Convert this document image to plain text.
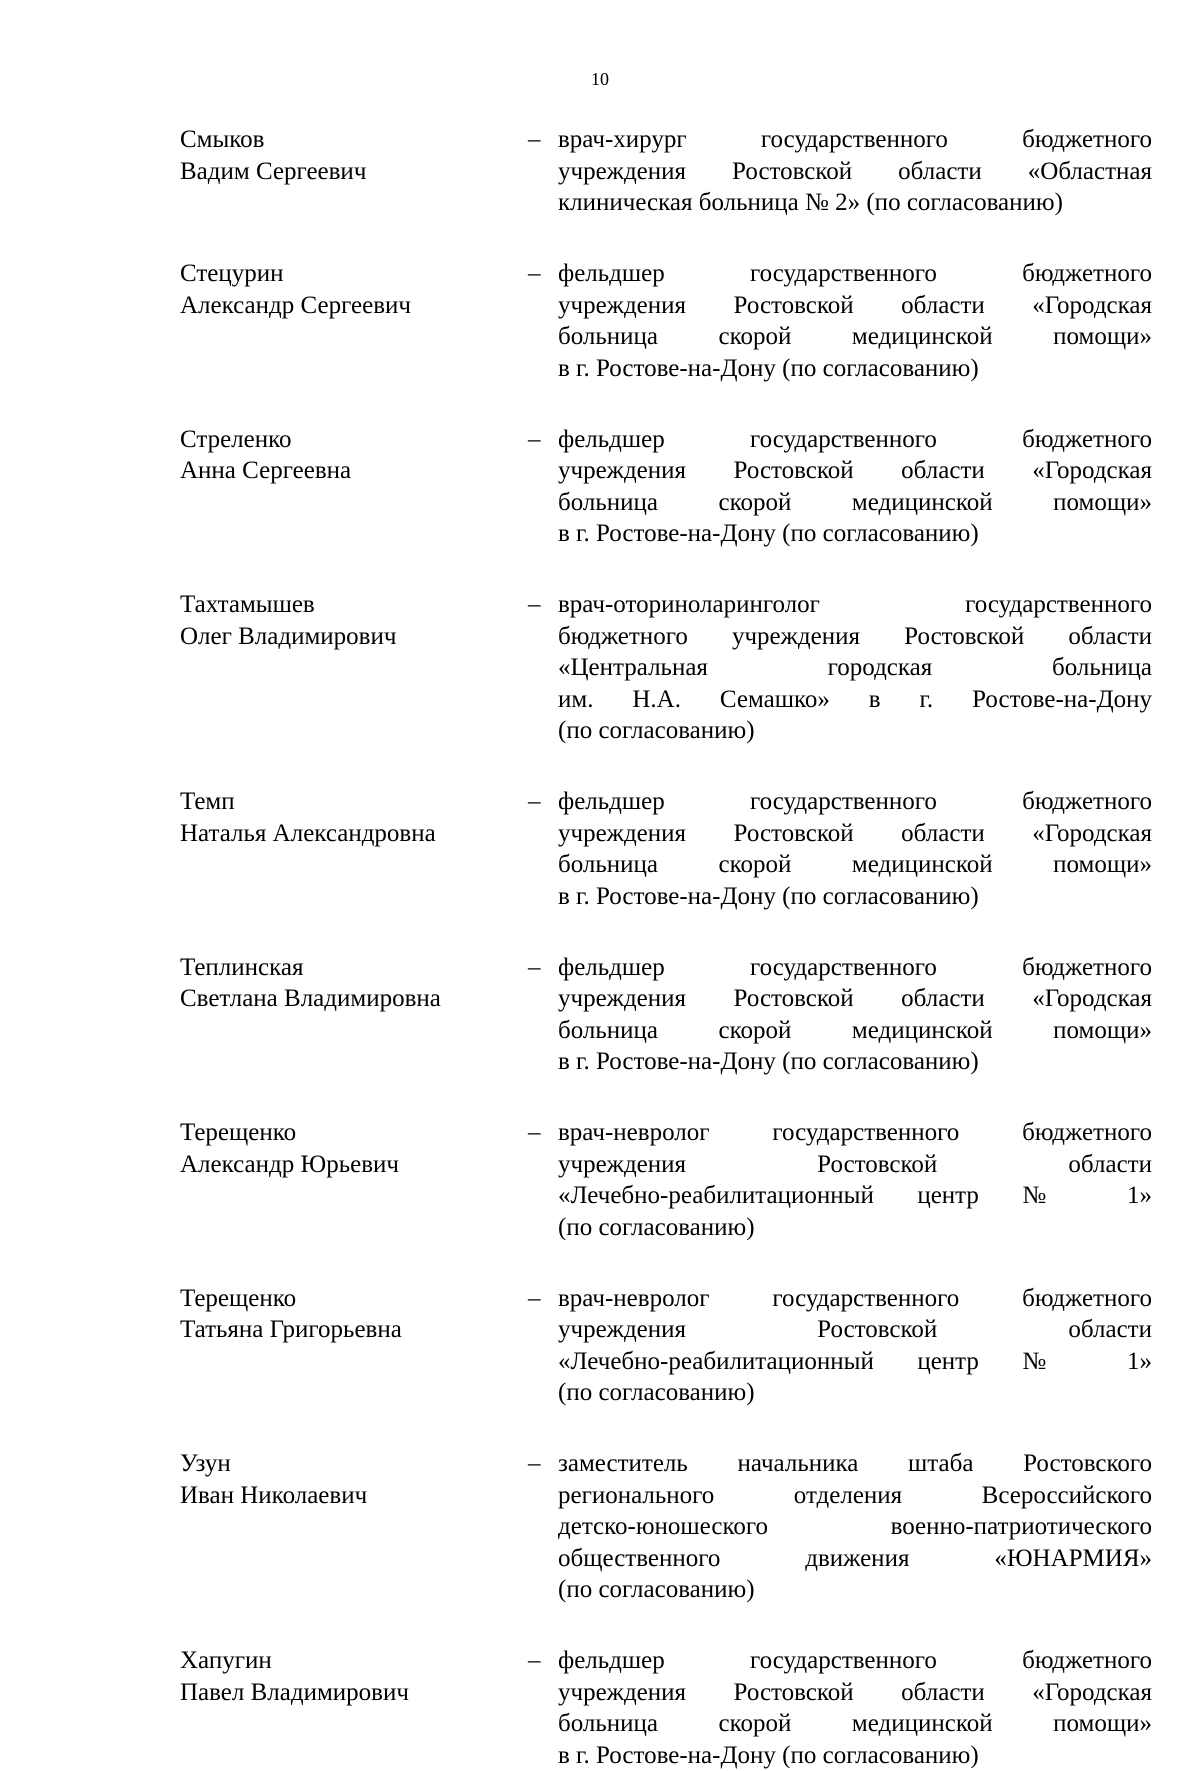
10
Смыков
Вадим Сергеевич
– врач-хирург государственного бюджетного
учреждения Ростовской области «Областная
клиническая больница № 2» (по согласованию)
Стецурин
Александр Сергеевич
– фельдшер государственного бюджетного
учреждения Ростовской области «Городская
больница скорой медицинской помощи»
в г. Ростове-на-Дону (по согласованию)
Стреленко
Анна Сергеевна
– фельдшер государственного бюджетного
учреждения Ростовской области «Городская
больница скорой медицинской помощи»
в г. Ростове-на-Дону (по согласованию)
Тахтамышев
Олег Владимирович
– врач-оториноларинголог государственного
бюджетного учреждения Ростовской области
«Центральная городская больница
им. Н.А. Семашко» в г. Ростове-на-Дону
(по согласованию)
Темп
Наталья Александровна
– фельдшер государственного бюджетного
учреждения Ростовской области «Городская
больница скорой медицинской помощи»
в г. Ростове-на-Дону (по согласованию)
Теплинская
Светлана Владимировна
– фельдшер государственного бюджетного
учреждения Ростовской области «Городская
больница скорой медицинской помощи»
в г. Ростове-на-Дону (по согласованию)
Терещенко
Александр Юрьевич
– врач-невролог государственного бюджетного
учреждения Ростовской области
«Лечебно-реабилитационный центр № 1»
(по согласованию)
Терещенко
Татьяна Григорьевна
– врач-невролог государственного бюджетного
учреждения Ростовской области
«Лечебно-реабилитационный центр № 1»
(по согласованию)
Узун
Иван Николаевич
– заместитель начальника штаба Ростовского
регионального отделения Всероссийского
детско-юношеского военно-патриотического
общественного движения «ЮНАРМИЯ»
(по согласованию)
Хапугин
Павел Владимирович
– фельдшер государственного бюджетного
учреждения Ростовской области «Городская
больница скорой медицинской помощи»
в г. Ростове-на-Дону (по согласованию)
